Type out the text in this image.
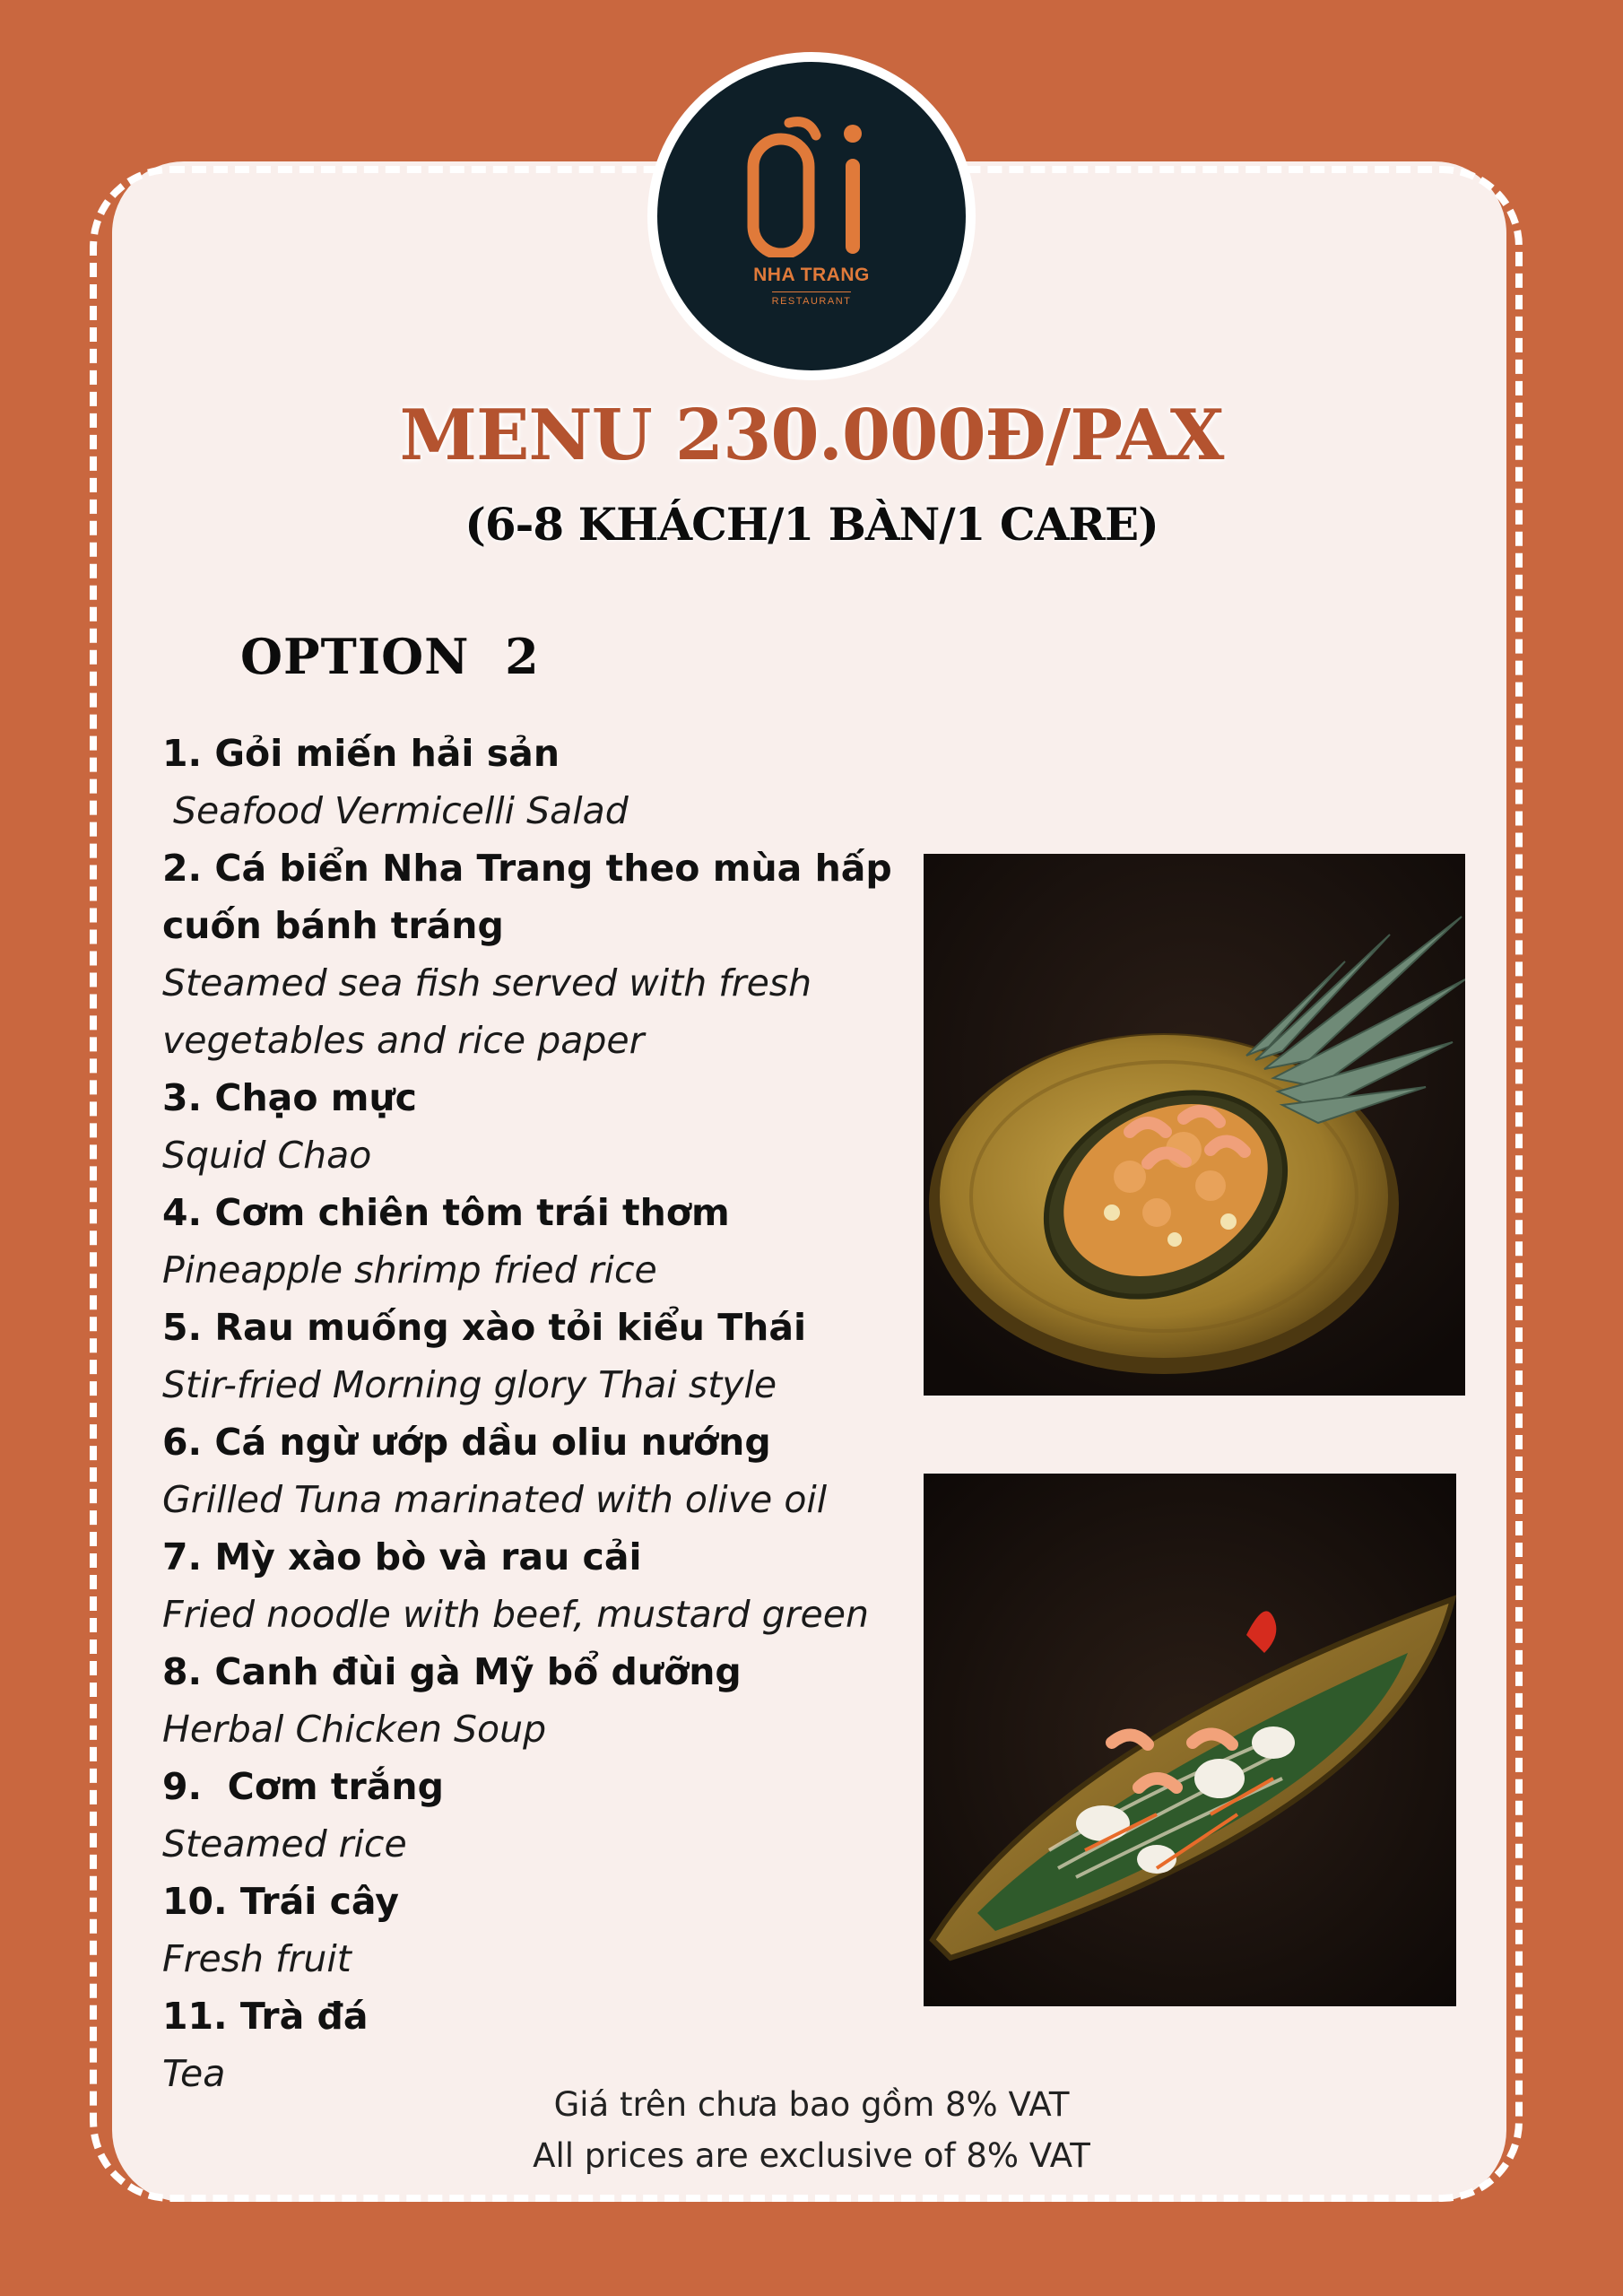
NHA TRANG
RESTAURANT
MENU 230.000Đ/PAX
(6-8 KHÁCH/1 BÀN/1 CARE)
OPTION  2
1. Gỏi miến hải sản
Seafood Vermicelli Salad
2. Cá biển Nha Trang theo mùa hấp
cuốn bánh tráng
Steamed sea fish served with fresh
vegetables and rice paper
3. Chạo mực
Squid Chao
4. Cơm chiên tôm trái thơm
Pineapple shrimp fried rice
5. Rau muống xào tỏi kiểu Thái
Stir-fried Morning glory Thai style
6. Cá ngừ ướp dầu oliu nướng
Grilled Tuna marinated with olive oil
7. Mỳ xào bò và rau cải
Fried noodle with beef, mustard green
8. Canh đùi gà Mỹ bổ dưỡng
Herbal Chicken Soup
9.  Cơm trắng
Steamed rice
10. Trái cây
Fresh fruit
11. Trà đá
Tea
Giá trên chưa bao gồm 8% VAT
All prices are exclusive of 8% VAT
